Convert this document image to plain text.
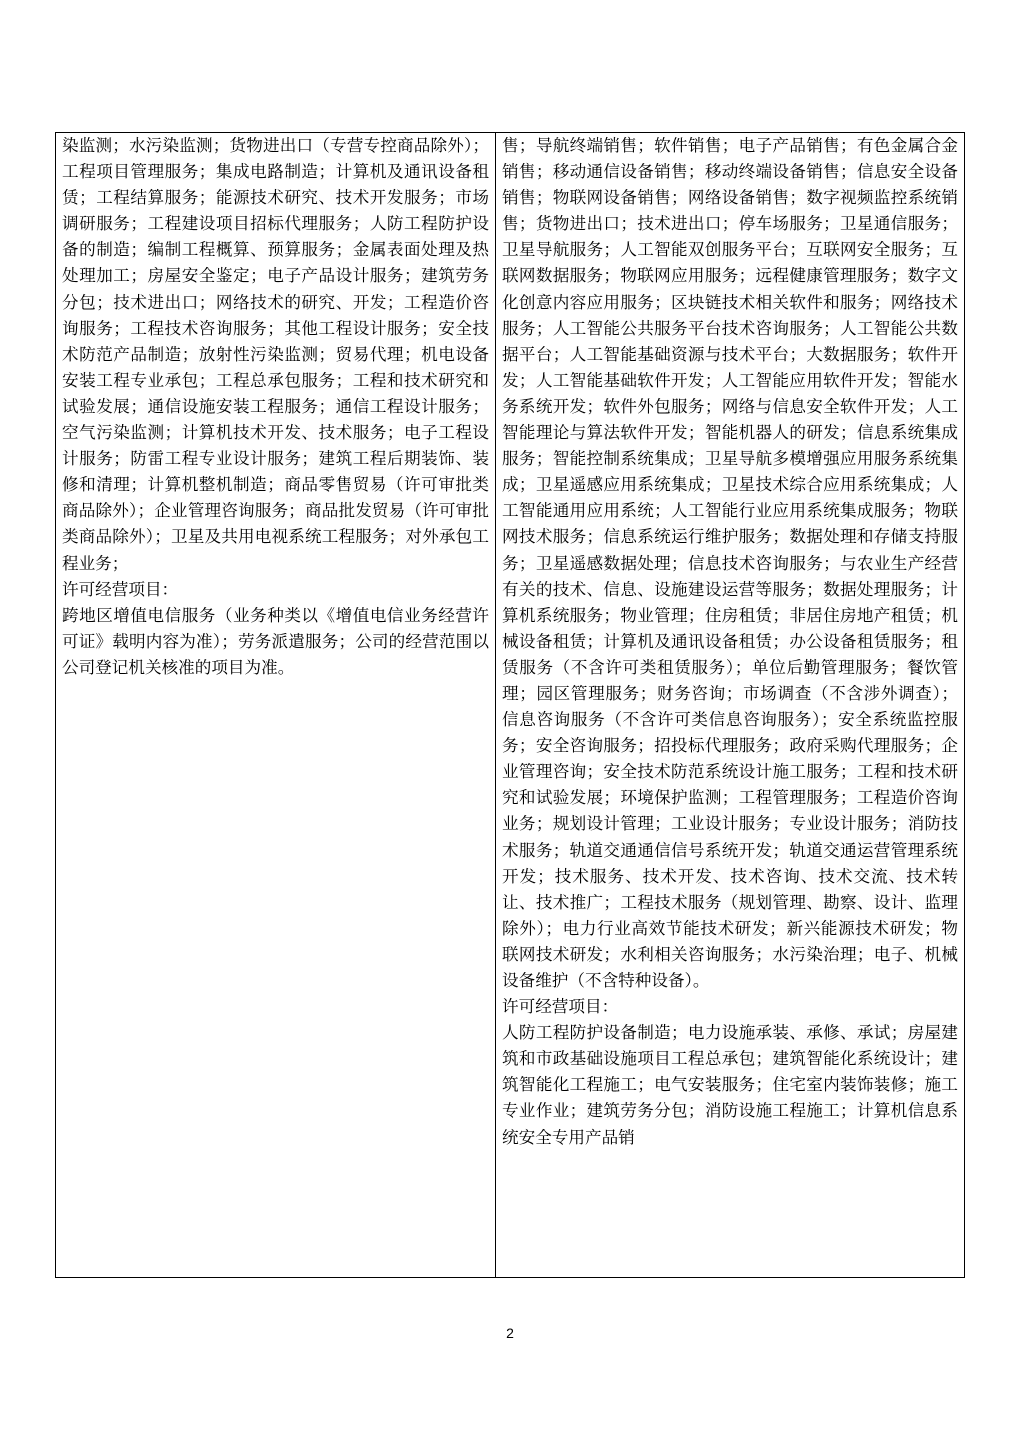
染监测；水污染监测；货物进出口（专营专控商品除外）；工程项目管理服务；集成电路制造；计算机及通讯设备租赁；工程结算服务；能源技术研究、技术开发服务；市场调研服务；工程建设项目招标代理服务；人防工程防护设备的制造；编制工程概算、预算服务；金属表面处理及热处理加工；房屋安全鉴定；电子产品设计服务；建筑劳务分包；技术进出口；网络技术的研究、开发；工程造价咨询服务；工程技术咨询服务；其他工程设计服务；安全技术防范产品制造；放射性污染监测；贸易代理；机电设备安装工程专业承包；工程总承包服务；工程和技术研究和试验发展；通信设施安装工程服务；通信工程设计服务；空气污染监测；计算机技术开发、技术服务；电子工程设计服务；防雷工程专业设计服务；建筑工程后期装饰、装修和清理；计算机整机制造；商品零售贸易（许可审批类商品除外）；企业管理咨询服务；商品批发贸易（许可审批类商品除外）；卫星及共用电视系统工程服务；对外承包工程业务；

许可经营项目：

跨地区增值电信服务（业务种类以《增值电信业务经营许可证》载明内容为准）；劳务派遣服务；公司的经营范围以公司登记机关核准的项目为准。

售；导航终端销售；软件销售；电子产品销售；有色金属合金销售；移动通信设备销售；移动终端设备销售；信息安全设备销售；物联网设备销售；网络设备销售；数字视频监控系统销售；货物进出口；技术进出口；停车场服务；卫星通信服务；卫星导航服务；人工智能双创服务平台；互联网安全服务；互联网数据服务；物联网应用服务；远程健康管理服务；数字文化创意内容应用服务；区块链技术相关软件和服务；网络技术服务；人工智能公共服务平台技术咨询服务；人工智能公共数据平台；人工智能基础资源与技术平台；大数据服务；软件开发；人工智能基础软件开发；人工智能应用软件开发；智能水务系统开发；软件外包服务；网络与信息安全软件开发；人工智能理论与算法软件开发；智能机器人的研发；信息系统集成服务；智能控制系统集成；卫星导航多模增强应用服务系统集成；卫星遥感应用系统集成；卫星技术综合应用系统集成；人工智能通用应用系统；人工智能行业应用系统集成服务；物联网技术服务；信息系统运行维护服务；数据处理和存储支持服务；卫星遥感数据处理；信息技术咨询服务；与农业生产经营有关的技术、信息、设施建设运营等服务；数据处理服务；计算机系统服务；物业管理；住房租赁；非居住房地产租赁；机械设备租赁；计算机及通讯设备租赁；办公设备租赁服务；租赁服务（不含许可类租赁服务）；单位后勤管理服务；餐饮管理；园区管理服务；财务咨询；市场调查（不含涉外调查）；信息咨询服务（不含许可类信息咨询服务）；安全系统监控服务；安全咨询服务；招投标代理服务；政府采购代理服务；企业管理咨询；安全技术防范系统设计施工服务；工程和技术研究和试验发展；环境保护监测；工程管理服务；工程造价咨询业务；规划设计管理；工业设计服务；专业设计服务；消防技术服务；轨道交通通信信号系统开发；轨道交通运营管理系统开发；技术服务、技术开发、技术咨询、技术交流、技术转让、技术推广；工程技术服务（规划管理、勘察、设计、监理除外）；电力行业高效节能技术研发；新兴能源技术研发；物联网技术研发；水利相关咨询服务；水污染治理；电子、机械设备维护（不含特种设备）。

许可经营项目：

人防工程防护设备制造；电力设施承装、承修、承试；房屋建筑和市政基础设施项目工程总承包；建筑智能化系统设计；建筑智能化工程施工；电气安装服务；住宅室内装饰装修；施工专业作业；建筑劳务分包；消防设施工程施工；计算机信息系统安全专用产品销

2
